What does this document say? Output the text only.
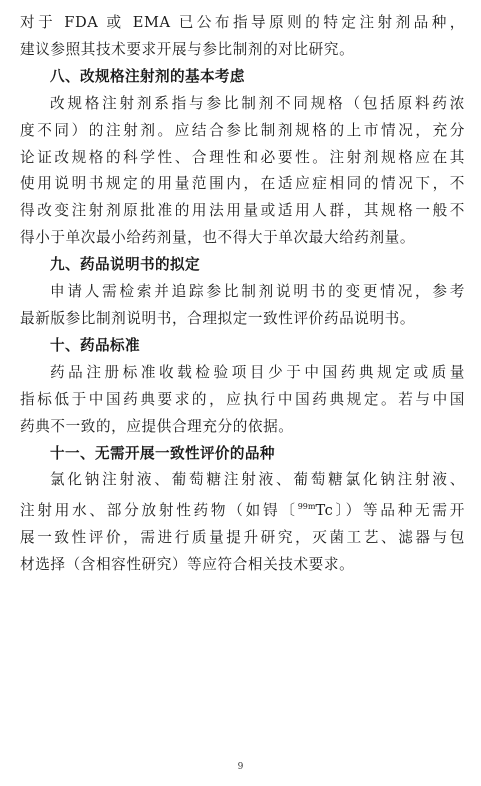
对于 FDA 或 EMA 已公布指导原则的特定注射剂品种，
建议参照其技术要求开展与参比制剂的对比研究。
八、改规格注射剂的基本考虑
改规格注射剂系指与参比制剂不同规格（包括原料药浓
度不同）的注射剂。应结合参比制剂规格的上市情况，充分
论证改规格的科学性、合理性和必要性。注射剂规格应在其
使用说明书规定的用量范围内，在适应症相同的情况下，不
得改变注射剂原批准的用法用量或适用人群，其规格一般不
得小于单次最小给药剂量，也不得大于单次最大给药剂量。
九、药品说明书的拟定
申请人需检索并追踪参比制剂说明书的变更情况，参考
最新版参比制剂说明书，合理拟定一致性评价药品说明书。
十、药品标准
药品注册标准收载检验项目少于中国药典规定或质量
指标低于中国药典要求的，应执行中国药典规定。若与中国
药典不一致的，应提供合理充分的依据。
十一、无需开展一致性评价的品种
氯化钠注射液、葡萄糖注射液、葡萄糖氯化钠注射液、
注射用水、部分放射性药物（如锝〔$^{99m}$Tc〕）等品种无需开
展一致性评价，需进行质量提升研究，灭菌工艺、滤器与包
材选择（含相容性研究）等应符合相关技术要求。
9
